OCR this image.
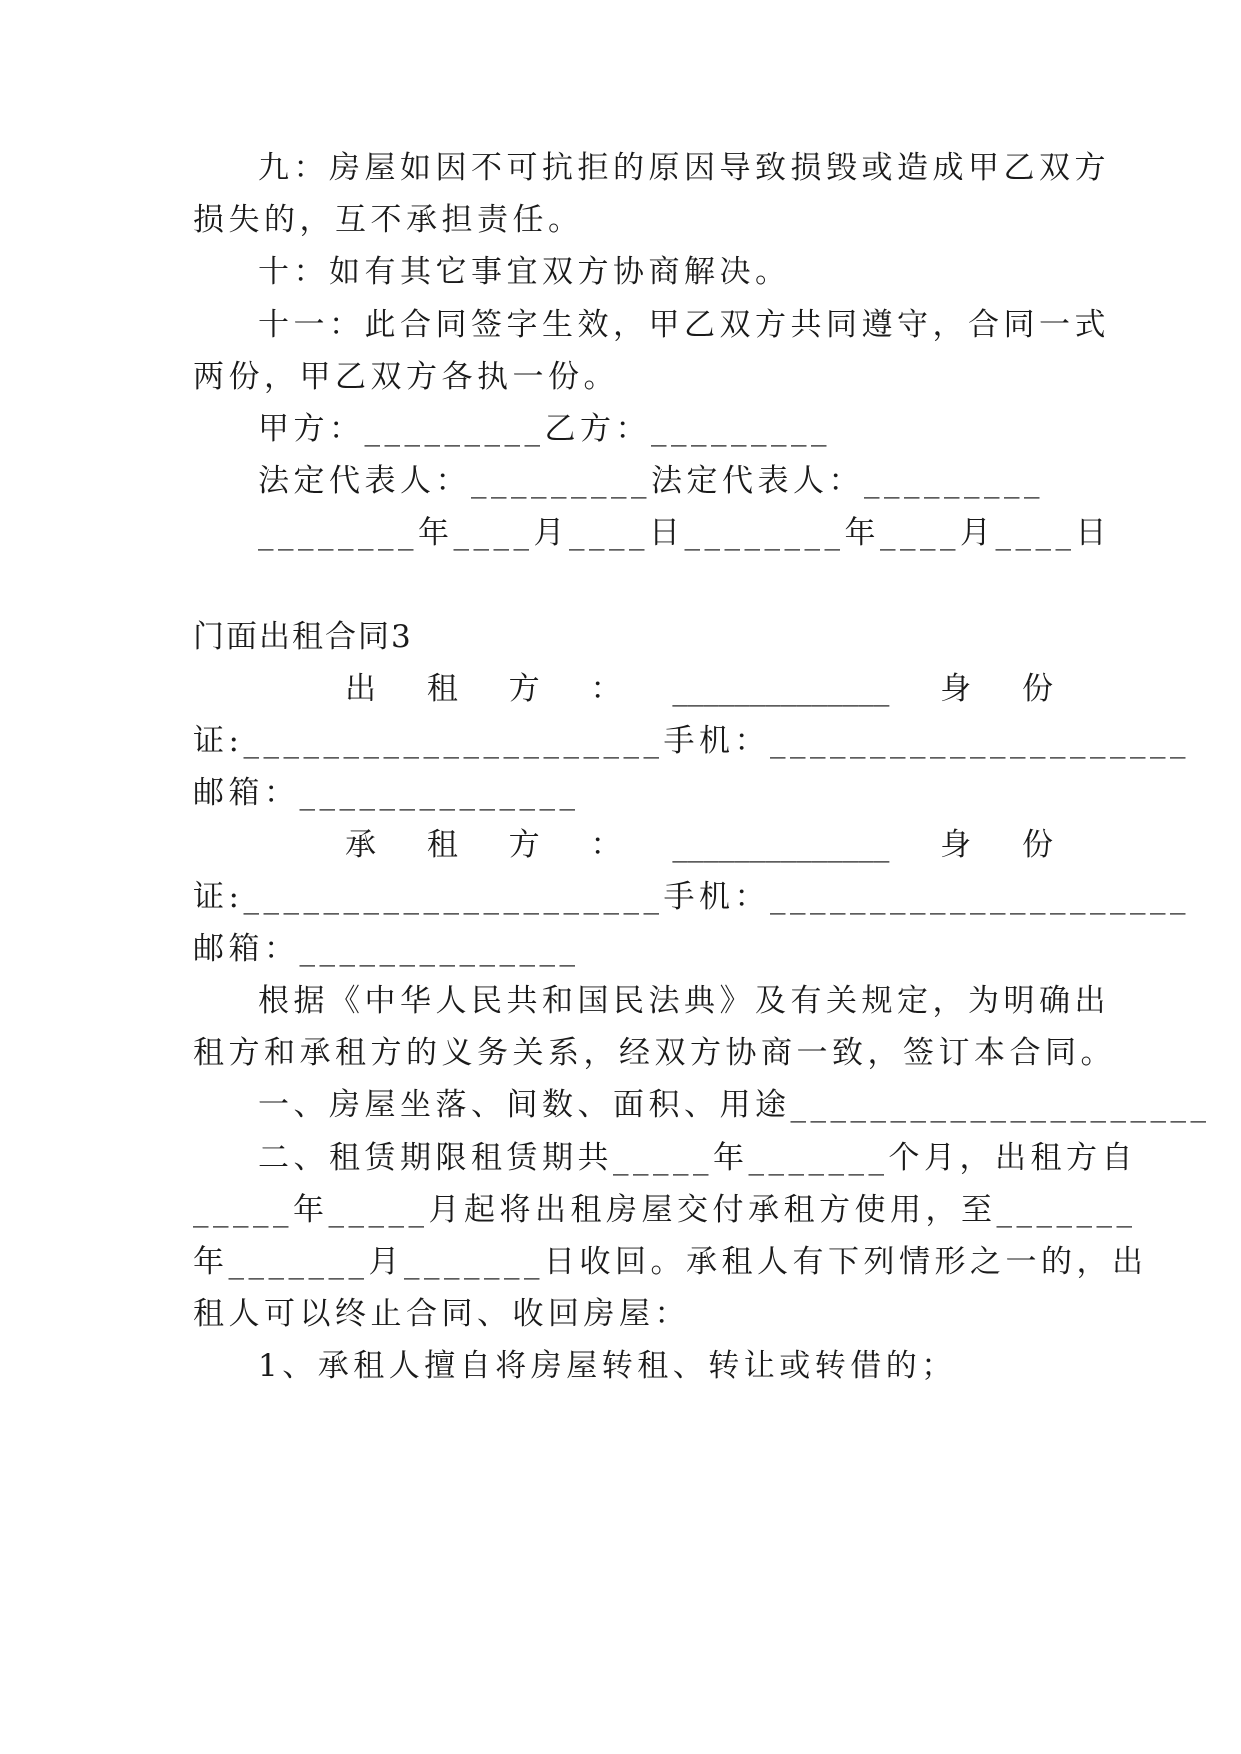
九：房屋如因不可抗拒的原因导致损毁或造成甲乙双方
损失的，互不承担责任。
十：如有其它事宜双方协商解决。
十一：此合同签字生效，甲乙双方共同遵守，合同一式
两份，甲乙双方各执一份。
甲方：_________乙方：_________
法定代表人：_________法定代表人：_________
________年____月____日________年____月____日
门面出租合同3
出 租 方 ： ______________ 身 份
证:_____________________手机：_____________________
邮箱：______________
承 租 方 ： ______________ 身 份
证:_____________________手机：_____________________
邮箱：______________
根据《中华人民共和国民法典》及有关规定，为明确出
租方和承租方的义务关系，经双方协商一致，签订本合同。
一、房屋坐落、间数、面积、用途_____________________
二、租赁期限租赁期共_____年_______个月，出租方自
_____年_____月起将出租房屋交付承租方使用，至_______
年_______月_______日收回。承租人有下列情形之一的，出
租人可以终止合同、收回房屋：
1、承租人擅自将房屋转租、转让或转借的；
